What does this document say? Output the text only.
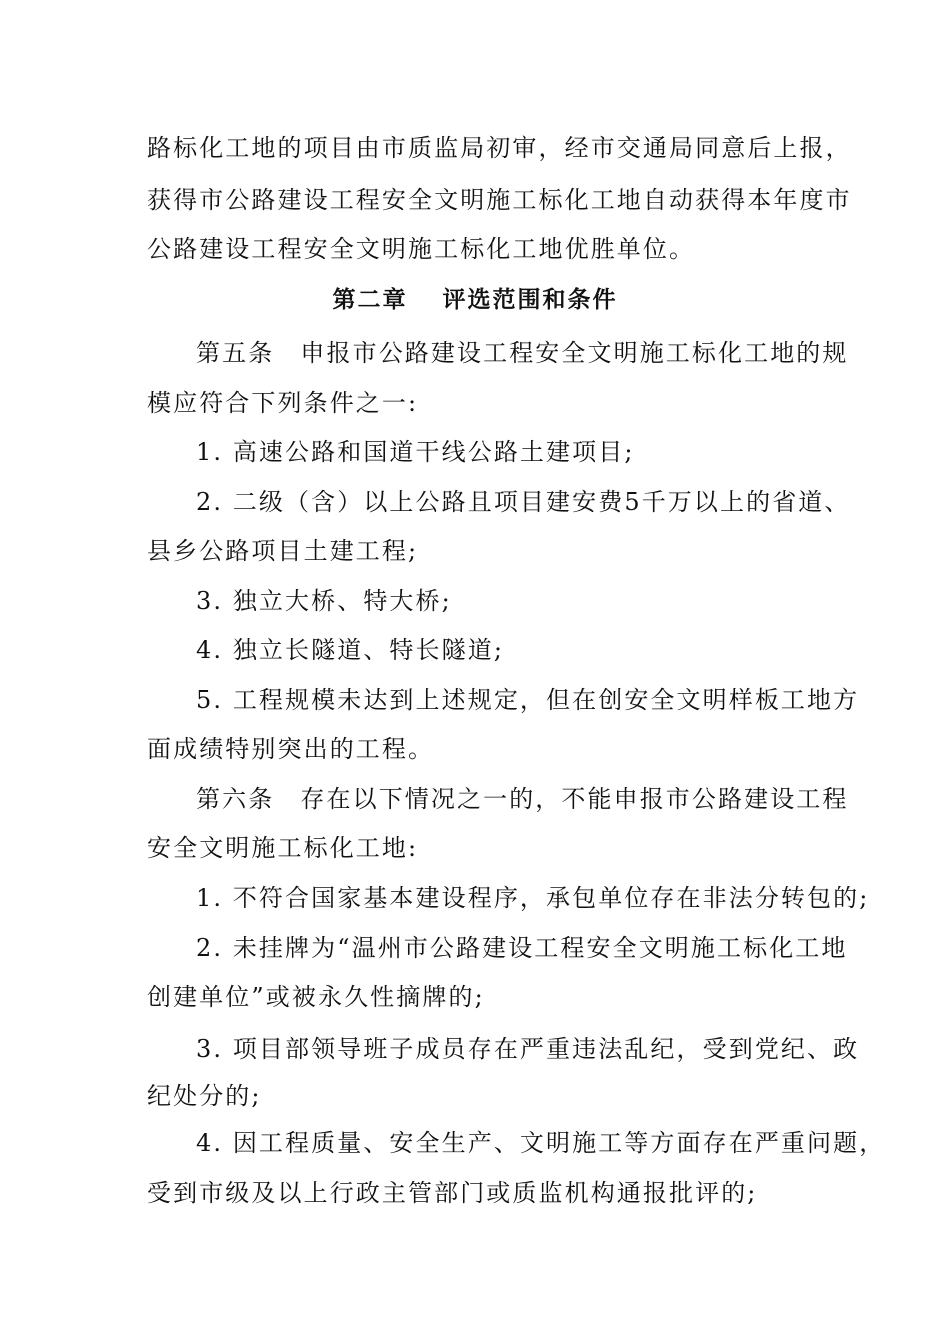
路标化工地的项目由市质监局初审，经市交通局同意后上报，
获得市公路建设工程安全文明施工标化工地自动获得本年度市
公路建设工程安全文明施工标化工地优胜单位。
第二章　 评选范围和条件
第五条　申报市公路建设工程安全文明施工标化工地的规
模应符合下列条件之一:
1. 高速公路和国道干线公路土建项目;
2. 二级（含）以上公路且项目建安费5千万以上的省道、
县乡公路项目土建工程;
3. 独立大桥、特大桥;
4. 独立长隧道、特长隧道;
5. 工程规模未达到上述规定，但在创安全文明样板工地方
面成绩特别突出的工程。
第六条　存在以下情况之一的，不能申报市公路建设工程
安全文明施工标化工地:
1. 不符合国家基本建设程序，承包单位存在非法分转包的;
2. 未挂牌为“温州市公路建设工程安全文明施工标化工地
创建单位”或被永久性摘牌的;
3. 项目部领导班子成员存在严重违法乱纪，受到党纪、政
纪处分的;
4. 因工程质量、安全生产、文明施工等方面存在严重问题，
受到市级及以上行政主管部门或质监机构通报批评的;
